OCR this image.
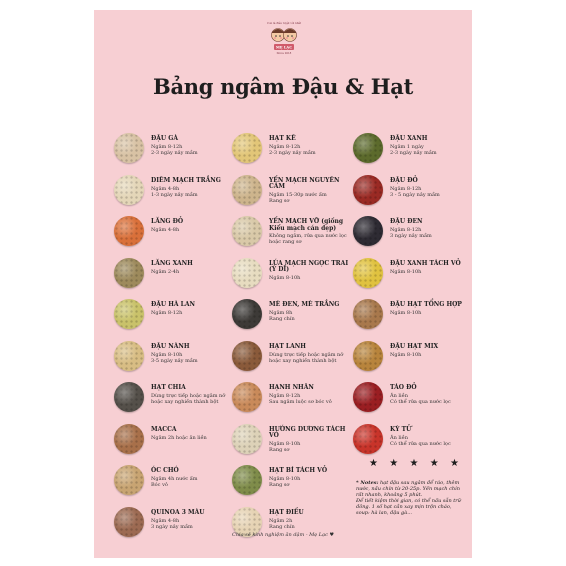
MẸ LẠC
Con là điều tuyệt vời nhất
Since 2018
Bảng ngâm Đậu & Hạt
ĐẬU GÀ
Ngâm 8-12h
2-3 ngày nảy mầm
DIÊM MẠCH TRẮNG
Ngâm 4-8h
1-3 ngày nảy mầm
LĂNG ĐỎ
Ngâm 4-8h
LĂNG XANH
Ngâm 2-4h
ĐẬU HÀ LAN
Ngâm 8-12h
ĐẬU NÀNH
Ngâm 8-10h
3-5 ngày nảy mầm
HẠT CHIA
Dùng trực tiếp hoặc ngâm nở hoặc xay nghiền thành bột
MACCA
Ngâm 2h hoặc ăn liền
ÓC CHÓ
Ngâm 4h nước ấm
Bóc vỏ
QUINOA 3 MÀU
Ngâm 4-8h
3 ngày nảy mầm
HẠT KÊ
Ngâm 8-12h
2-3 ngày nảy mầm
YẾN MẠCH NGUYÊN CÁM
Ngâm 15-30p nước ấm
Rang sơ
YẾN MẠCH VỠ (giống Kiểu mạch cán dẹp)
Không ngâm, rửa qua nước lọc hoặc rang sơ
LÚA MẠCH NGỌC TRAI (Ý DĨ)
Ngâm 8-10h
MÈ ĐEN, MÈ TRẮNG
Ngâm 8h
Rang chín
HẠT LANH
Dùng trực tiếp hoặc ngâm nở hoặc xay nghiền thành bột
HẠNH NHÂN
Ngâm 8-12h
Sau ngâm luộc sơ bóc vỏ
HƯỚNG DƯƠNG TÁCH VỎ
Ngâm 8-10h
Rang sơ
HẠT BÍ TÁCH VỎ
Ngâm 8-10h
Rang sơ
HẠT ĐIỀU
Ngâm 2h
Rang chín
ĐẬU XANH
Ngâm 1 ngày
2-3 ngày nảy mầm
ĐẬU ĐỎ
Ngâm 8-12h
3 - 5 ngày nảy mầm
ĐẬU ĐEN
Ngâm 8-12h
3 ngày nảy mầm
ĐẬU XANH TÁCH VỎ
Ngâm 8-10h
ĐẬU HẠT TỔNG HỢP
Ngâm 8-10h
ĐẬU HẠT MIX
Ngâm 8-10h
TÁO ĐỎ
Ăn liền
Có thể rửa qua nước lọc
KỲ TỬ
Ăn liền
Có thể rửa qua nước lọc
★ ★ ★ ★ ★
* Notes: hạt đậu sau ngâm để ráo, thêm nước, nấu chín từ 20-25p. Yến mạch chín rất nhanh, khoảng 5 phút.
Để tiết kiệm thời gian, có thể nấu sẵn trữ đông. 1 số hạt cần xay mịn trộn cháo, soup: hà lan, đậu gà...
Chia sẻ kinh nghiệm ăn dặm - Mẹ Lạc ♥
